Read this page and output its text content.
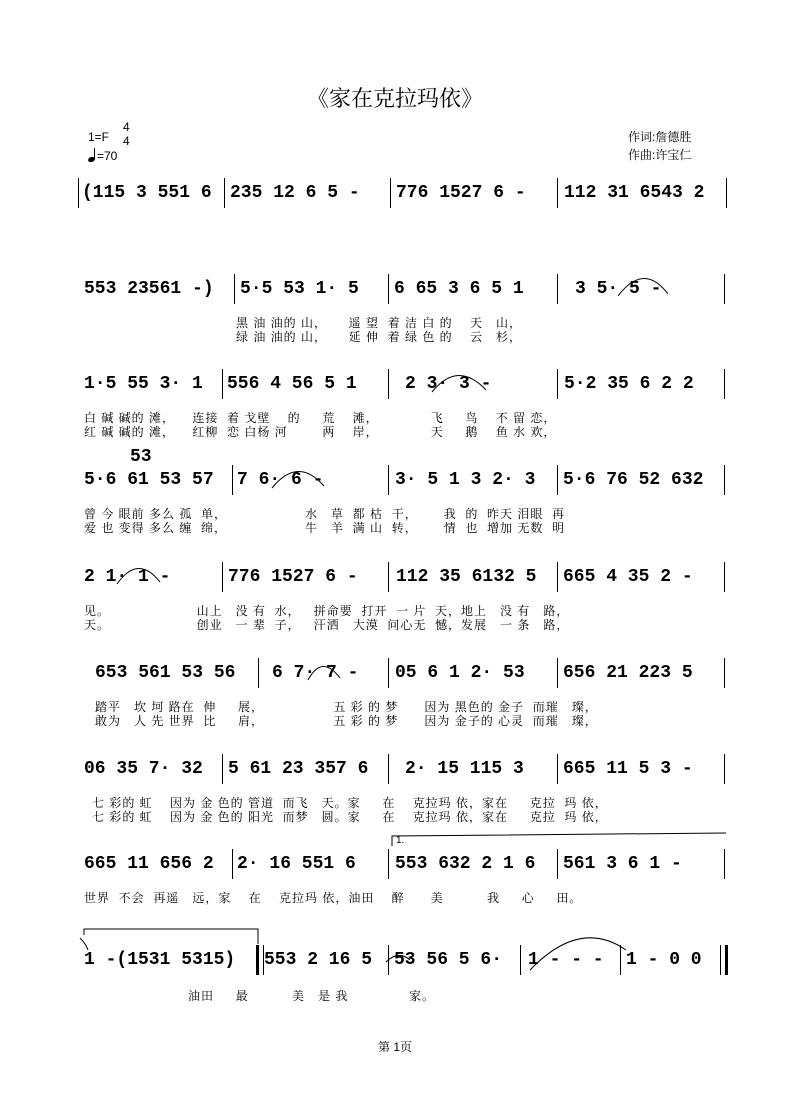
《家在克拉玛依》
作词:詹德胜
作曲:许宝仁
1=F
4
4
=70
(115 3 551 6 235 12 6 5 - 776 1527 6 - 112 31 6543 2
553 23561 -) 5·5 53 1· 5 6 65 3 6 5 1	3 5· 5 -
黑 油 油的 山，     遥 望  着 洁 白 的    天   山，
绿 油 油的 山，     延 伸  着 绿 色 的    云   杉，
1·5 55 3· 1 556 4 56 5 1	2 3· 3 -	5·2 35 6 2 2
白 碱 碱的 滩，    连接  着 戈壁    的     荒    滩，            飞     鸟    不 留 恋，
红 碱 碱的 滩，    红柳  恋 白杨 河        两    岸，            天     鹅    鱼 水 欢，
53
5·6 61 53 57 7 6· 6 -	3· 5 1 3 2· 3 5·6 76 52 632
曾 今 眼前 多么 孤  单，                  水   草  都 枯  干，      我  的  昨天 泪眼  再
爱 也 变得 多么 缠  绵，                  牛   羊  满 山  转，      情  也  增加 无数  明
2 1· 1 -	776 1527 6 - 112 35 6132 5 665 4 35 2 -
见。                    山上   没 有  水，   拼命要  打开  一 片  天，地上   没 有   路，
天。                    创业   一 辈  子，   汗洒   大漠  问心无  憾，发展   一 条   路，
653 561 53 56 6 7· 7 - 05 6 1 2· 53 656 21 223 5
踏平   坎 坷 路在  伸     展，                五 彩 的 梦      因为 黑色的 金子  而璀   璨，
敢为   人 先 世界  比     肩，                五 彩 的 梦      因为 金子的 心灵  而璀   璨，
06 35 7· 32 5 61 23 357 6 2· 15 115 3 665 11 5 3 -
七 彩的 虹    因为 金 色的 管道  而飞   天。家     在    克拉玛 依，家在     克拉  玛 依，
七 彩的 虹    因为 金 色的 阳光  而梦   圆。家     在    克拉玛 依，家在     克拉  玛 依，
1.
665 11 656 2 2· 16 551 6 553 632 2 1 6 561 3 6 1 -
世界  不会  再遥   远，家    在    克拉玛 依，油田    醉      美          我     心     田。
1 -(1531 5315) 553 2 16 5 53 56 5 6· 1 - - - 1 - 0 0
油田     最          美   是 我              家。
第 1页
